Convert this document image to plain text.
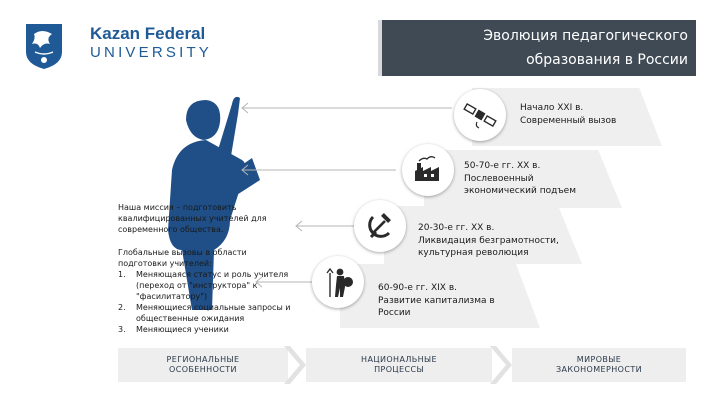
Kazan Federal
UNIVERSITY
Эволюция педагогического
образования в России
Начало XXI в.
Современный вызов
50-70-е гг. XX в.
Послевоенный
экономический подъем
20-30-е гг. XX в.
Ликвидация безграмотности,
культурная революция
60-90-е гг. XIX в.
Развитие капитализма в
России

Наша миссия – подготовить квалифицированных учителей для современного общества.

Глобальные вызовы в области подготовки учителей:
1. Меняющаяся статус и роль учителя (переход от "инструктора" к "фасилитатору")
2. Меняющиеся социальные запросы и общественные ожидания
3. Меняющиеся ученики
РЕГИОНАЛЬНЫЕ
ОСОБЕННОСТИ
НАЦИОНАЛЬНЫЕ
ПРОЦЕССЫ
МИРОВЫЕ
ЗАКОНОМЕРНОСТИ
